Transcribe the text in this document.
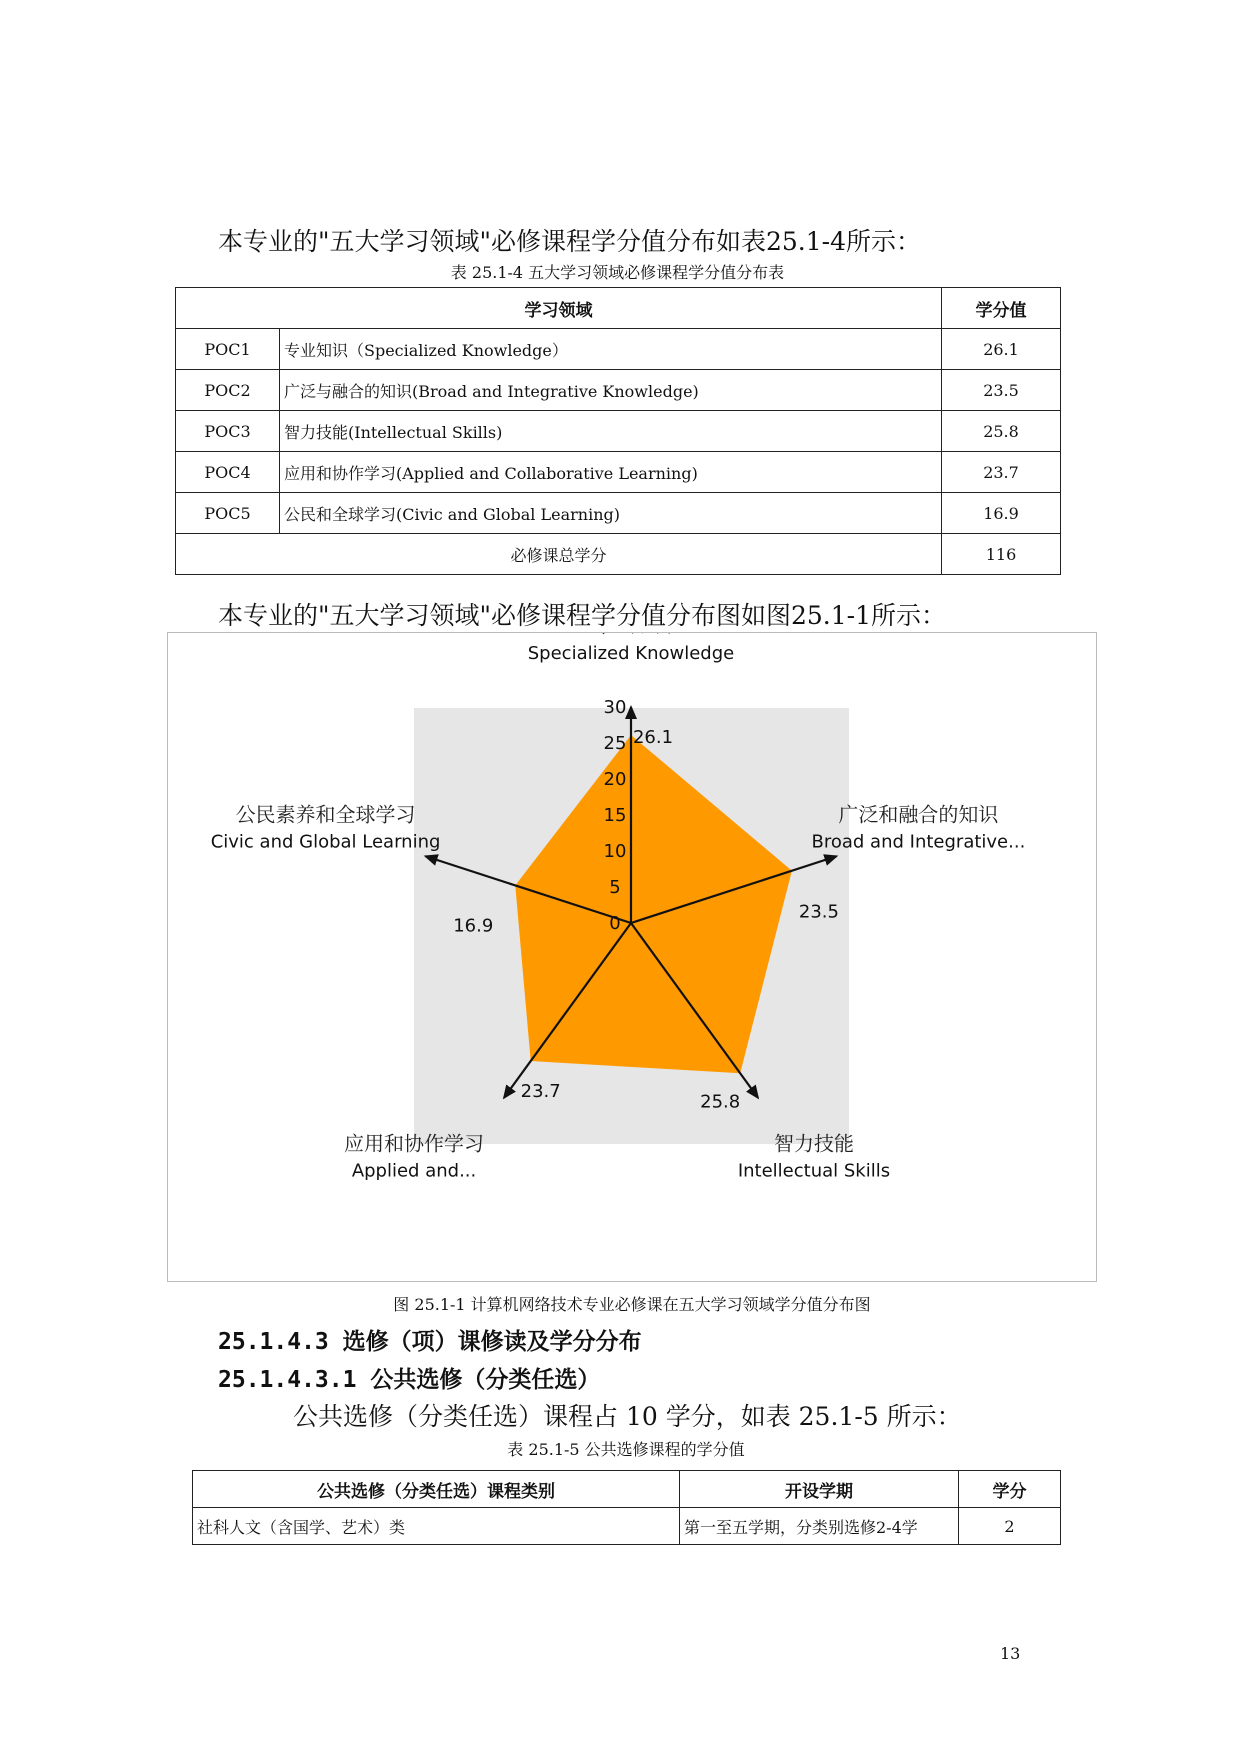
本专业的"五大学习领域"必修课程学分值分布如表25.1-4所示：
表 25.1-4 五大学习领域必修课程学分值分布表
学习领域		学分值
POC1	专业知识（Specialized Knowledge）	26.1
POC2	广泛与融合的知识(Broad and Integrative Knowledge)	23.5
POC3	智力技能(Intellectual Skills)	25.8
POC4	应用和协作学习(Applied and Collaborative Learning)	23.7
POC5	公民和全球学习(Civic and Global Learning)	16.9
必修课总学分		116
本专业的"五大学习领域"必修课程学分值分布图如图25.1-1所示：
0
5
10
15
20
25
30
Specialized Knowledge
26.1
广泛和融合的知识
Broad and Integrative...
23.5
智力技能
Intellectual Skills
25.8
应用和协作学习
Applied and...
23.7
公民素养和全球学习
Civic and Global Learning
16.9
图 25.1-1 计算机网络技术专业必修课在五大学习领域学分值分布图
25.1.4.3 选修（项）课修读及学分分布
25.1.4.3.1 公共选修（分类任选）
公共选修（分类任选）课程占 10 学分，如表 25.1-5 所示：
表 25.1-5 公共选修课程的学分值
公共选修（分类任选）课程类别	开设学期	学分
社科人文（含国学、艺术）类	第一至五学期，分类别选修2-4学	2
13
